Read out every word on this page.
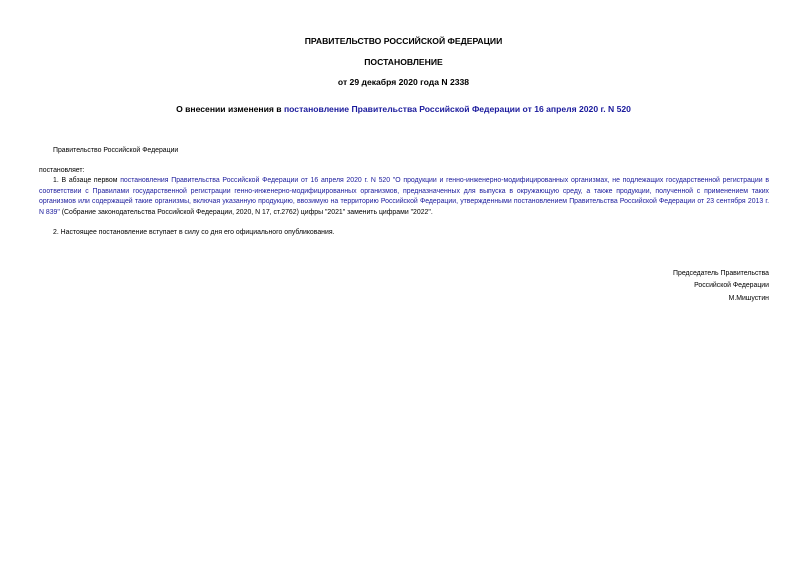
ПРАВИТЕЛЬСТВО РОССИЙСКОЙ ФЕДЕРАЦИИ
ПОСТАНОВЛЕНИЕ
от 29 декабря 2020 года N 2338
О внесении изменения в постановление Правительства Российской Федерации от 16 апреля 2020 г. N 520
Правительство Российской Федерации
постановляет:
1. В абзаце первом постановления Правительства Российской Федерации от 16 апреля 2020 г. N 520 "О продукции и генно-инженерно-модифицированных организмах, не подлежащих государственной регистрации в соответствии с Правилами государственной регистрации генно-инженерно-модифицированных организмов, предназначенных для выпуска в окружающую среду, а также продукции, полученной с применением таких организмов или содержащей такие организмы, включая указанную продукцию, ввозимую на территорию Российской Федерации, утвержденными постановлением Правительства Российской Федерации от 23 сентября 2013 г. N 839" (Собрание законодательства Российской Федерации, 2020, N 17, ст.2762) цифры "2021" заменить цифрами "2022".
2. Настоящее постановление вступает в силу со дня его официального опубликования.
Председатель Правительства
Российской Федерации
М.Мишустин
